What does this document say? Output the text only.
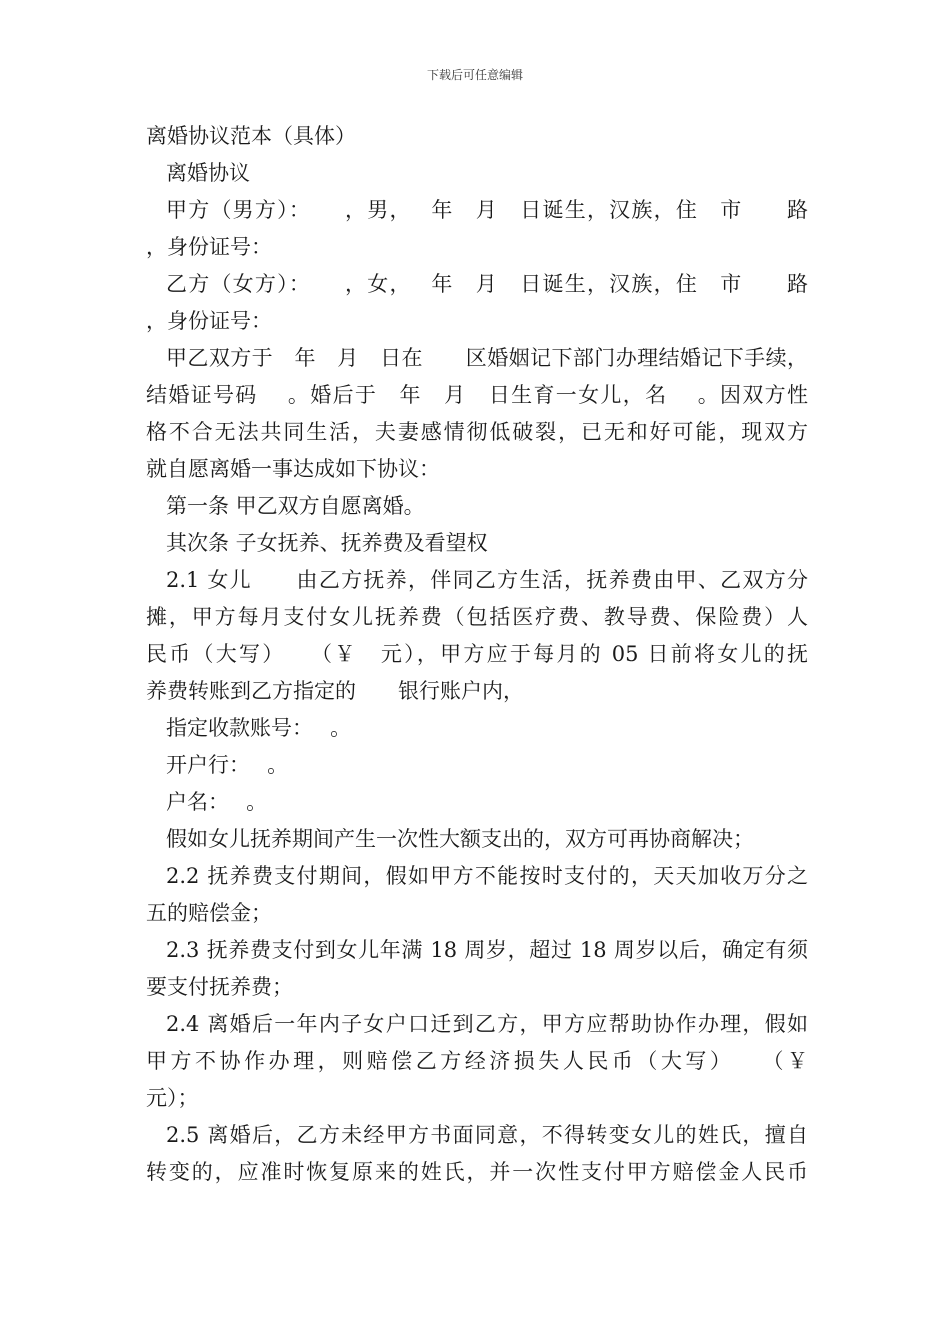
下载后可任意编辑
离婚协议范本（具体）
离婚协议
甲方（男方）：　　，男，　 年　月　日诞生，汉族，住　市　　路
，身份证号：
乙方（女方）：　　，女，　 年　月　日诞生，汉族，住　市　　路
，身份证号：
甲乙双方于　年　月　日在　　区婚姻记下部门办理结婚记下手续，
结婚证号码　 。婚后于　年　月　日生育一女儿，名　 。因双方性
格不合无法共同生活，夫妻感情彻低破裂，已无和好可能，现双方
就自愿离婚一事达成如下协议：
第一条 甲乙双方自愿离婚。
其次条 子女抚养、抚养费及看望权
2.1 女儿　　由乙方抚养，伴同乙方生活，抚养费由甲、乙双方分
摊，甲方每月支付女儿抚养费（包括医疗费、教导费、保险费）人
民币（大写）　　（￥　元），甲方应于每月的 05 日前将女儿的抚
养费转账到乙方指定的　　银行账户内，
指定收款账号：　 。
开户行：　 。
户名：　 。
假如女儿抚养期间产生一次性大额支出的，双方可再协商解决；
2.2 抚养费支付期间，假如甲方不能按时支付的，天天加收万分之
五的赔偿金；
2.3 抚养费支付到女儿年满 18 周岁，超过 18 周岁以后，确定有须
要支付抚养费；
2.4 离婚后一年内子女户口迁到乙方，甲方应帮助协作办理，假如
甲方不协作办理，则赔偿乙方经济损失人民币（大写）　　（￥
元）；
2.5 离婚后，乙方未经甲方书面同意，不得转变女儿的姓氏，擅自
转变的，应准时恢复原来的姓氏，并一次性支付甲方赔偿金人民币
